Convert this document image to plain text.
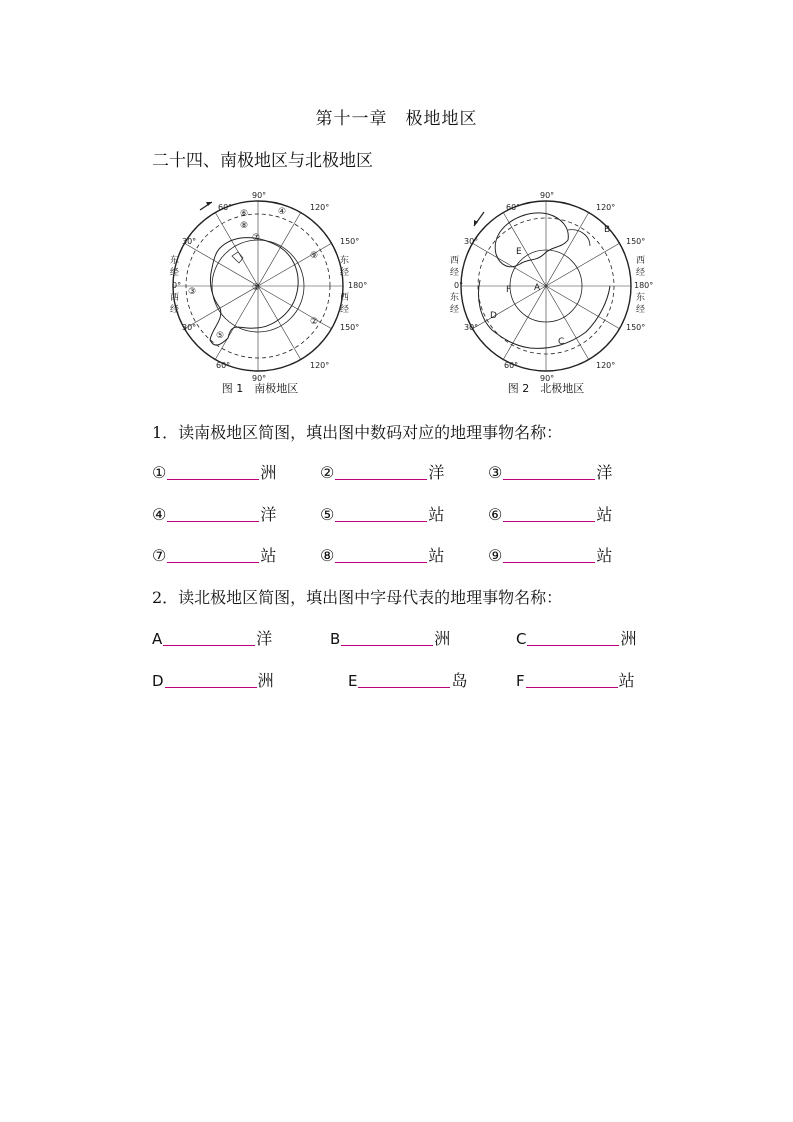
第十一章　极地地区
二十四、南极地区与北极地区
90°
90°
60°	120°
30°	150°
0°	180°
60°	120°
30°	150°
东
经
西
经
东
经
西
经
①
②
③
④
⑤
⑥
⑦
⑧
⑨
图 1　南极地区
90°
90°
60°	120°
30°	150°
0°	180°
60°	120°
30°	150°
西
经
东
经
西
经
东
经
A
B
C
D
E
F
图 2　北极地区
1．读南极地区简图，填出图中数码对应的地理事物名称：
①	洲	②	洋	③	洋
④	洋	⑤	站	⑥	站
⑦	站	⑧	站	⑨	站
2．读北极地区简图，填出图中字母代表的地理事物名称：
A	洋	B	洲	C	洲
D	洲	E	岛	F	站
